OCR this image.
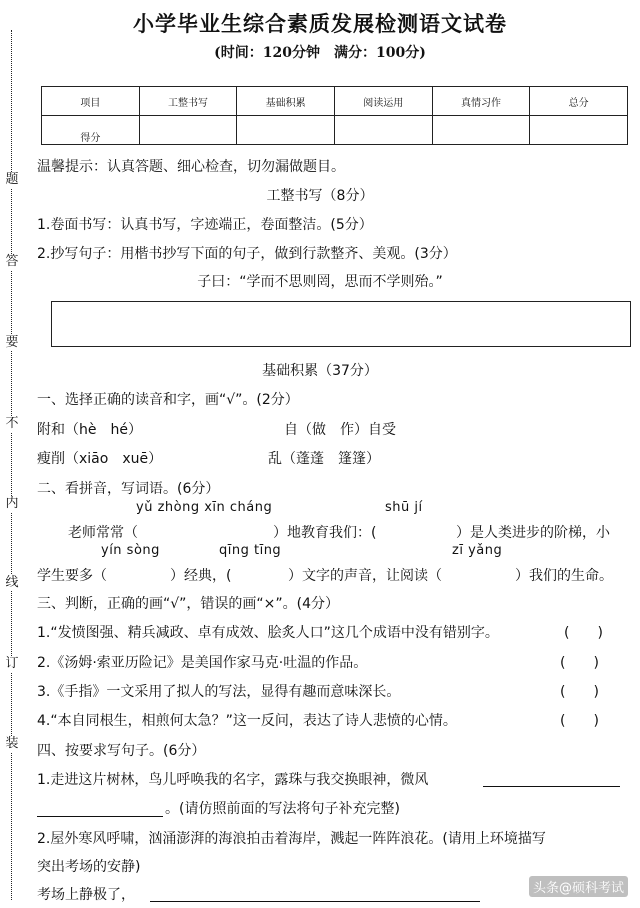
小学毕业生综合素质发展检测语文试卷
(时间：120分钟　满分：100分)
题
答
要
不
内
线
订
装
项目	工整书写	基础积累	阅读运用	真情习作	总分
得分					
温馨提示：认真答题、细心检查，切勿漏做题目。
工整书写（8分）
1.卷面书写：认真书写，字迹端正，卷面整洁。(5分）
2.抄写句子：用楷书抄写下面的句子，做到行款整齐、美观。(3分）
子曰：“学而不思则罔，思而不学则殆。”
基础积累（37分）
一、选择正确的读音和字，画“√”。(2分）
附和（hè　hé）	自（做　作）自受
瘦削（xiāo　xuē）	乱（蓬蓬　篷篷）
二、看拼音，写词语。(6分）
yǔ zhòng xīn cháng	shū jí
老师常常（	）地教育我们：(	）是人类进步的阶梯，小
yín sòng	qīng tīng	zī yǎng
学生要多（	）经典，(	）文字的声音，让阅读（	）我们的生命。
三、判断，正确的画“√”，错误的画“×”。(4分）
1.“发愤图强、精兵减政、卓有成效、脍炙人口”这几个成语中没有错别字。	(　　)
2.《汤姆·索亚历险记》是美国作家马克·吐温的作品。	(　　)
3.《手指》一文采用了拟人的写法，显得有趣而意味深长。	(　　)
4.“本自同根生，相煎何太急？”这一反问，表达了诗人悲愤的心情。	(　　)
四、按要求写句子。(6分）
1.走进这片树林，鸟儿呼唤我的名字，露珠与我交换眼神，微风
。(请仿照前面的写法将句子补充完整)
2.屋外寒风呼啸，汹涌澎湃的海浪拍击着海岸，溅起一阵阵浪花。(请用上环境描写
突出考场的安静)
考场上静极了，	头条@硕科考试
